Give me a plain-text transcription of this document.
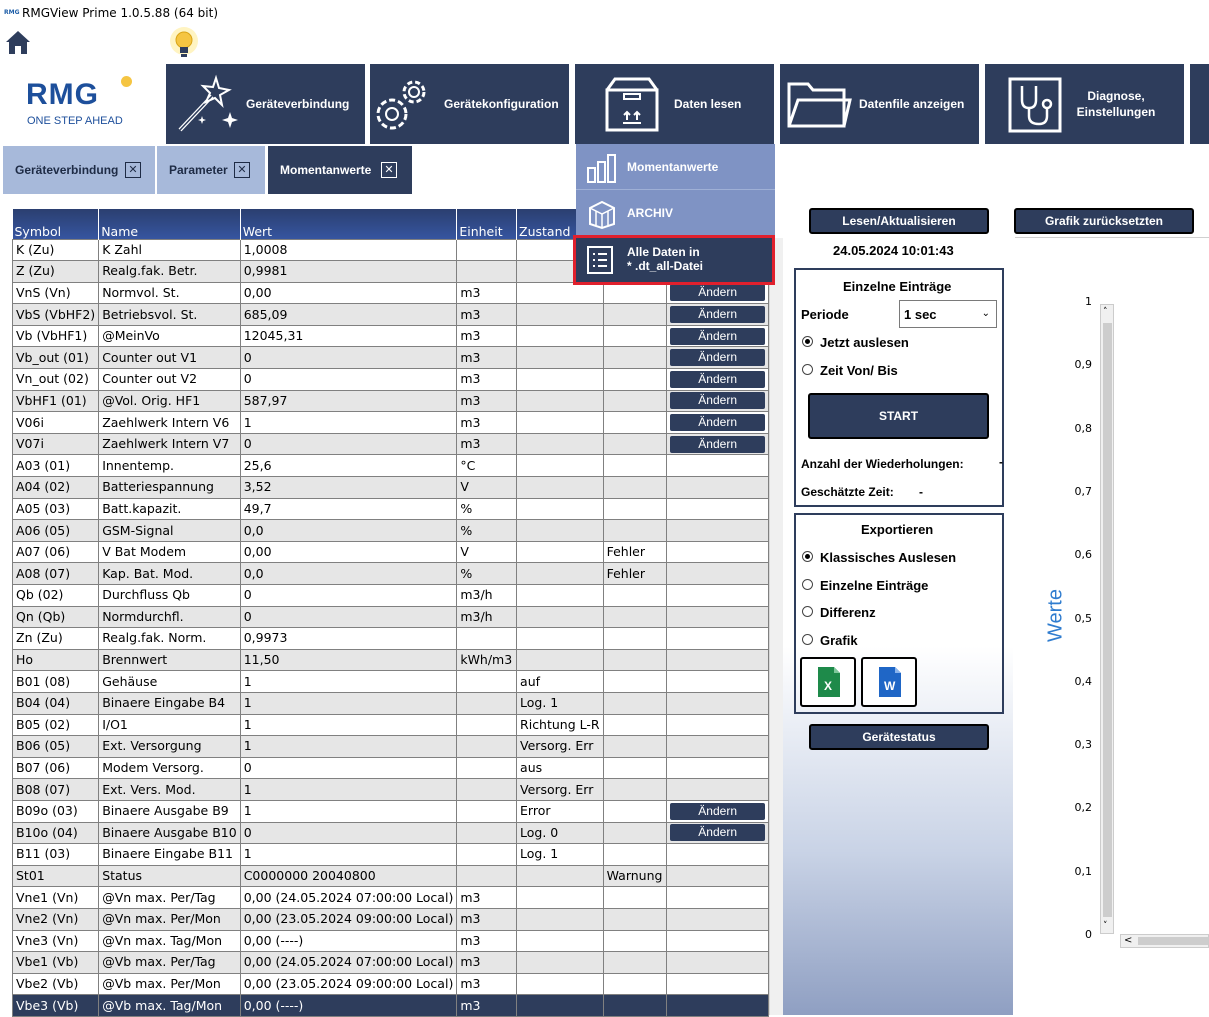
RMG RMGView Prime 1.0.5.88 (64 bit)
RMG
ONE STEP AHEAD
Geräteverbindung	Gerätekonfiguration	Daten lesen	Datenfile anzeigen
Diagnose,
Einstellungen
Geräteverbindung ✕	Parameter ✕	Momentanwerte	✕
Symbol	Name	Wert	Einheit	Zustand		
K (Zu)	K Zahl	1,0008				
Z (Zu)	Realg.fak. Betr.	0,9981				
VnS (Vn)	Normvol. St.	0,00	m3			Ändern

VbS (VbHF2)	Betriebsvol. St.	685,09	m3			Ändern

Vb (VbHF1)	@MeinVo	12045,31	m3			Ändern

Vb_out (01)	Counter out V1	0	m3			Ändern

Vn_out (02)	Counter out V2	0	m3			Ändern

VbHF1 (01)	@Vol. Orig. HF1	587,97	m3			Ändern

V06i	Zaehlwerk Intern V6	1	m3			Ändern

V07i	Zaehlwerk Intern V7	0	m3			Ändern

A03 (01)	Innentemp.	25,6	°C			
A04 (02)	Batteriespannung	3,52	V			
A05 (03)	Batt.kapazit.	49,7	%			
A06 (05)	GSM-Signal	0,0	%			
A07 (06)	V Bat Modem	0,00	V		Fehler	
A08 (07)	Kap. Bat. Mod.	0,0	%		Fehler	
Qb (02)	Durchfluss Qb	0	m3/h			
Qn (Qb)	Normdurchfl.	0	m3/h			
Zn (Zu)	Realg.fak. Norm.	0,9973				
Ho	Brennwert	11,50	kWh/m3			
B01 (08)	Gehäuse	1		auf		
B04 (04)	Binaere Eingabe B4	1		Log. 1		
B05 (02)	I/O1	1		Richtung L-R		
B06 (05)	Ext. Versorgung	1		Versorg. Err		
B07 (06)	Modem Versorg.	0		aus		
B08 (07)	Ext. Vers. Mod.	1		Versorg. Err		
B09o (03)	Binaere Ausgabe B9	1		Error		Ändern

B10o (04)	Binaere Ausgabe B10	0		Log. 0		Ändern

B11 (03)	Binaere Eingabe B11	1		Log. 1		
St01	Status	C0000000 20040800			Warnung	
Vne1 (Vn)	@Vn max. Per/Tag	0,00 (24.05.2024 07:00:00 Local)	m3			
Vne2 (Vn)	@Vn max. Per/Mon	0,00 (23.05.2024 09:00:00 Local)	m3			
Vne3 (Vn)	@Vn max. Tag/Mon	0,00 (----)	m3			
Vbe1 (Vb)	@Vb max. Per/Tag	0,00 (24.05.2024 07:00:00 Local)	m3			
Vbe2 (Vb)	@Vb max. Per/Mon	0,00 (23.05.2024 09:00:00 Local)	m3			
Vbe3 (Vb)	@Vb max. Tag/Mon	0,00 (----)	m3			
Momentanwerte
ARCHIV
Alle Daten in
* .dt_all-Datei
Lesen/Aktualisieren
24.05.2024 10:01:43
Einzelne Einträge
Periode	1 sec	⌄
Jetzt auslesen
Zeit Von/ Bis
START
Anzahl der Wiederholungen:	-
Geschätzte Zeit: -
Exportieren
Klassisches Auslesen
Einzelne Einträge
Differenz
Grafik
X	W
Gerätestatus
Grafik zurücksetzten
1
0,9
0,8
0,7
0,6
0,5
0,4
0,3
0,2
0,1
0
Werte
˄
˅
<
